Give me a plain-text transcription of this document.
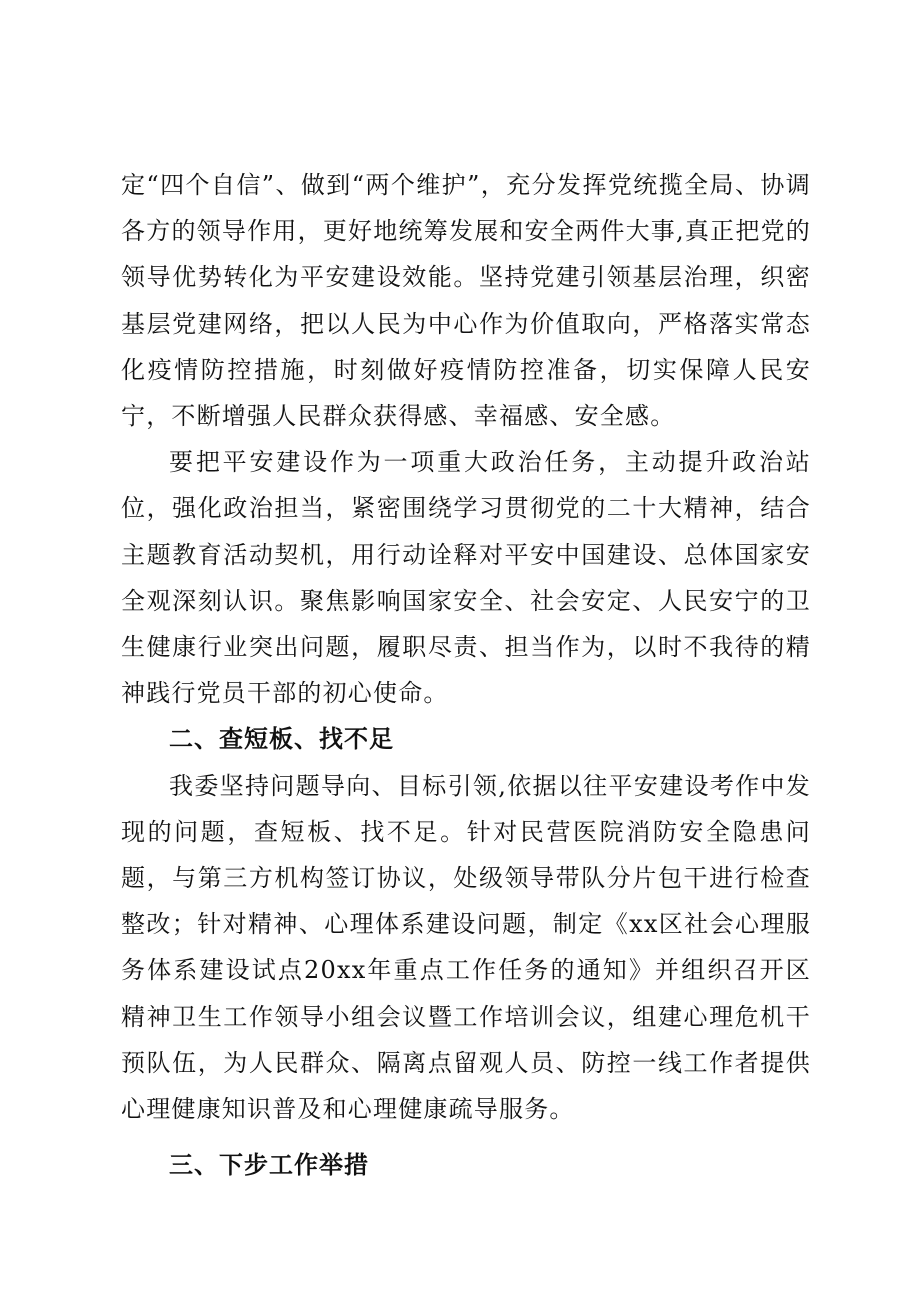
定“四个自信”、做到“两个维护”，充分发挥党统揽全局、协调各方的领导作用，更好地统筹发展和安全两件大事,真正把党的领导优势转化为平安建设效能。坚持党建引领基层治理，织密基层党建网络，把以人民为中心作为价值取向，严格落实常态化疫情防控措施，时刻做好疫情防控准备，切实保障人民安宁，不断增强人民群众获得感、幸福感、安全感。

要把平安建设作为一项重大政治任务，主动提升政治站位，强化政治担当，紧密围绕学习贯彻党的二十大精神，结合主题教育活动契机，用行动诠释对平安中国建设、总体国家安全观深刻认识。聚焦影响国家安全、社会安定、人民安宁的卫生健康行业突出问题，履职尽责、担当作为，以时不我待的精神践行党员干部的初心使命。

二、查短板、找不足

我委坚持问题导向、目标引领,依据以往平安建设考作中发现的问题，查短板、找不足。针对民营医院消防安全隐患问题，与第三方机构签订协议，处级领导带队分片包干进行检查整改；针对精神、心理体系建设问题，制定《xx区社会心理服务体系建设试点20xx年重点工作任务的通知》并组织召开区精神卫生工作领导小组会议暨工作培训会议，组建心理危机干预队伍，为人民群众、隔离点留观人员、防控一线工作者提供心理健康知识普及和心理健康疏导服务。

三、下步工作举措
